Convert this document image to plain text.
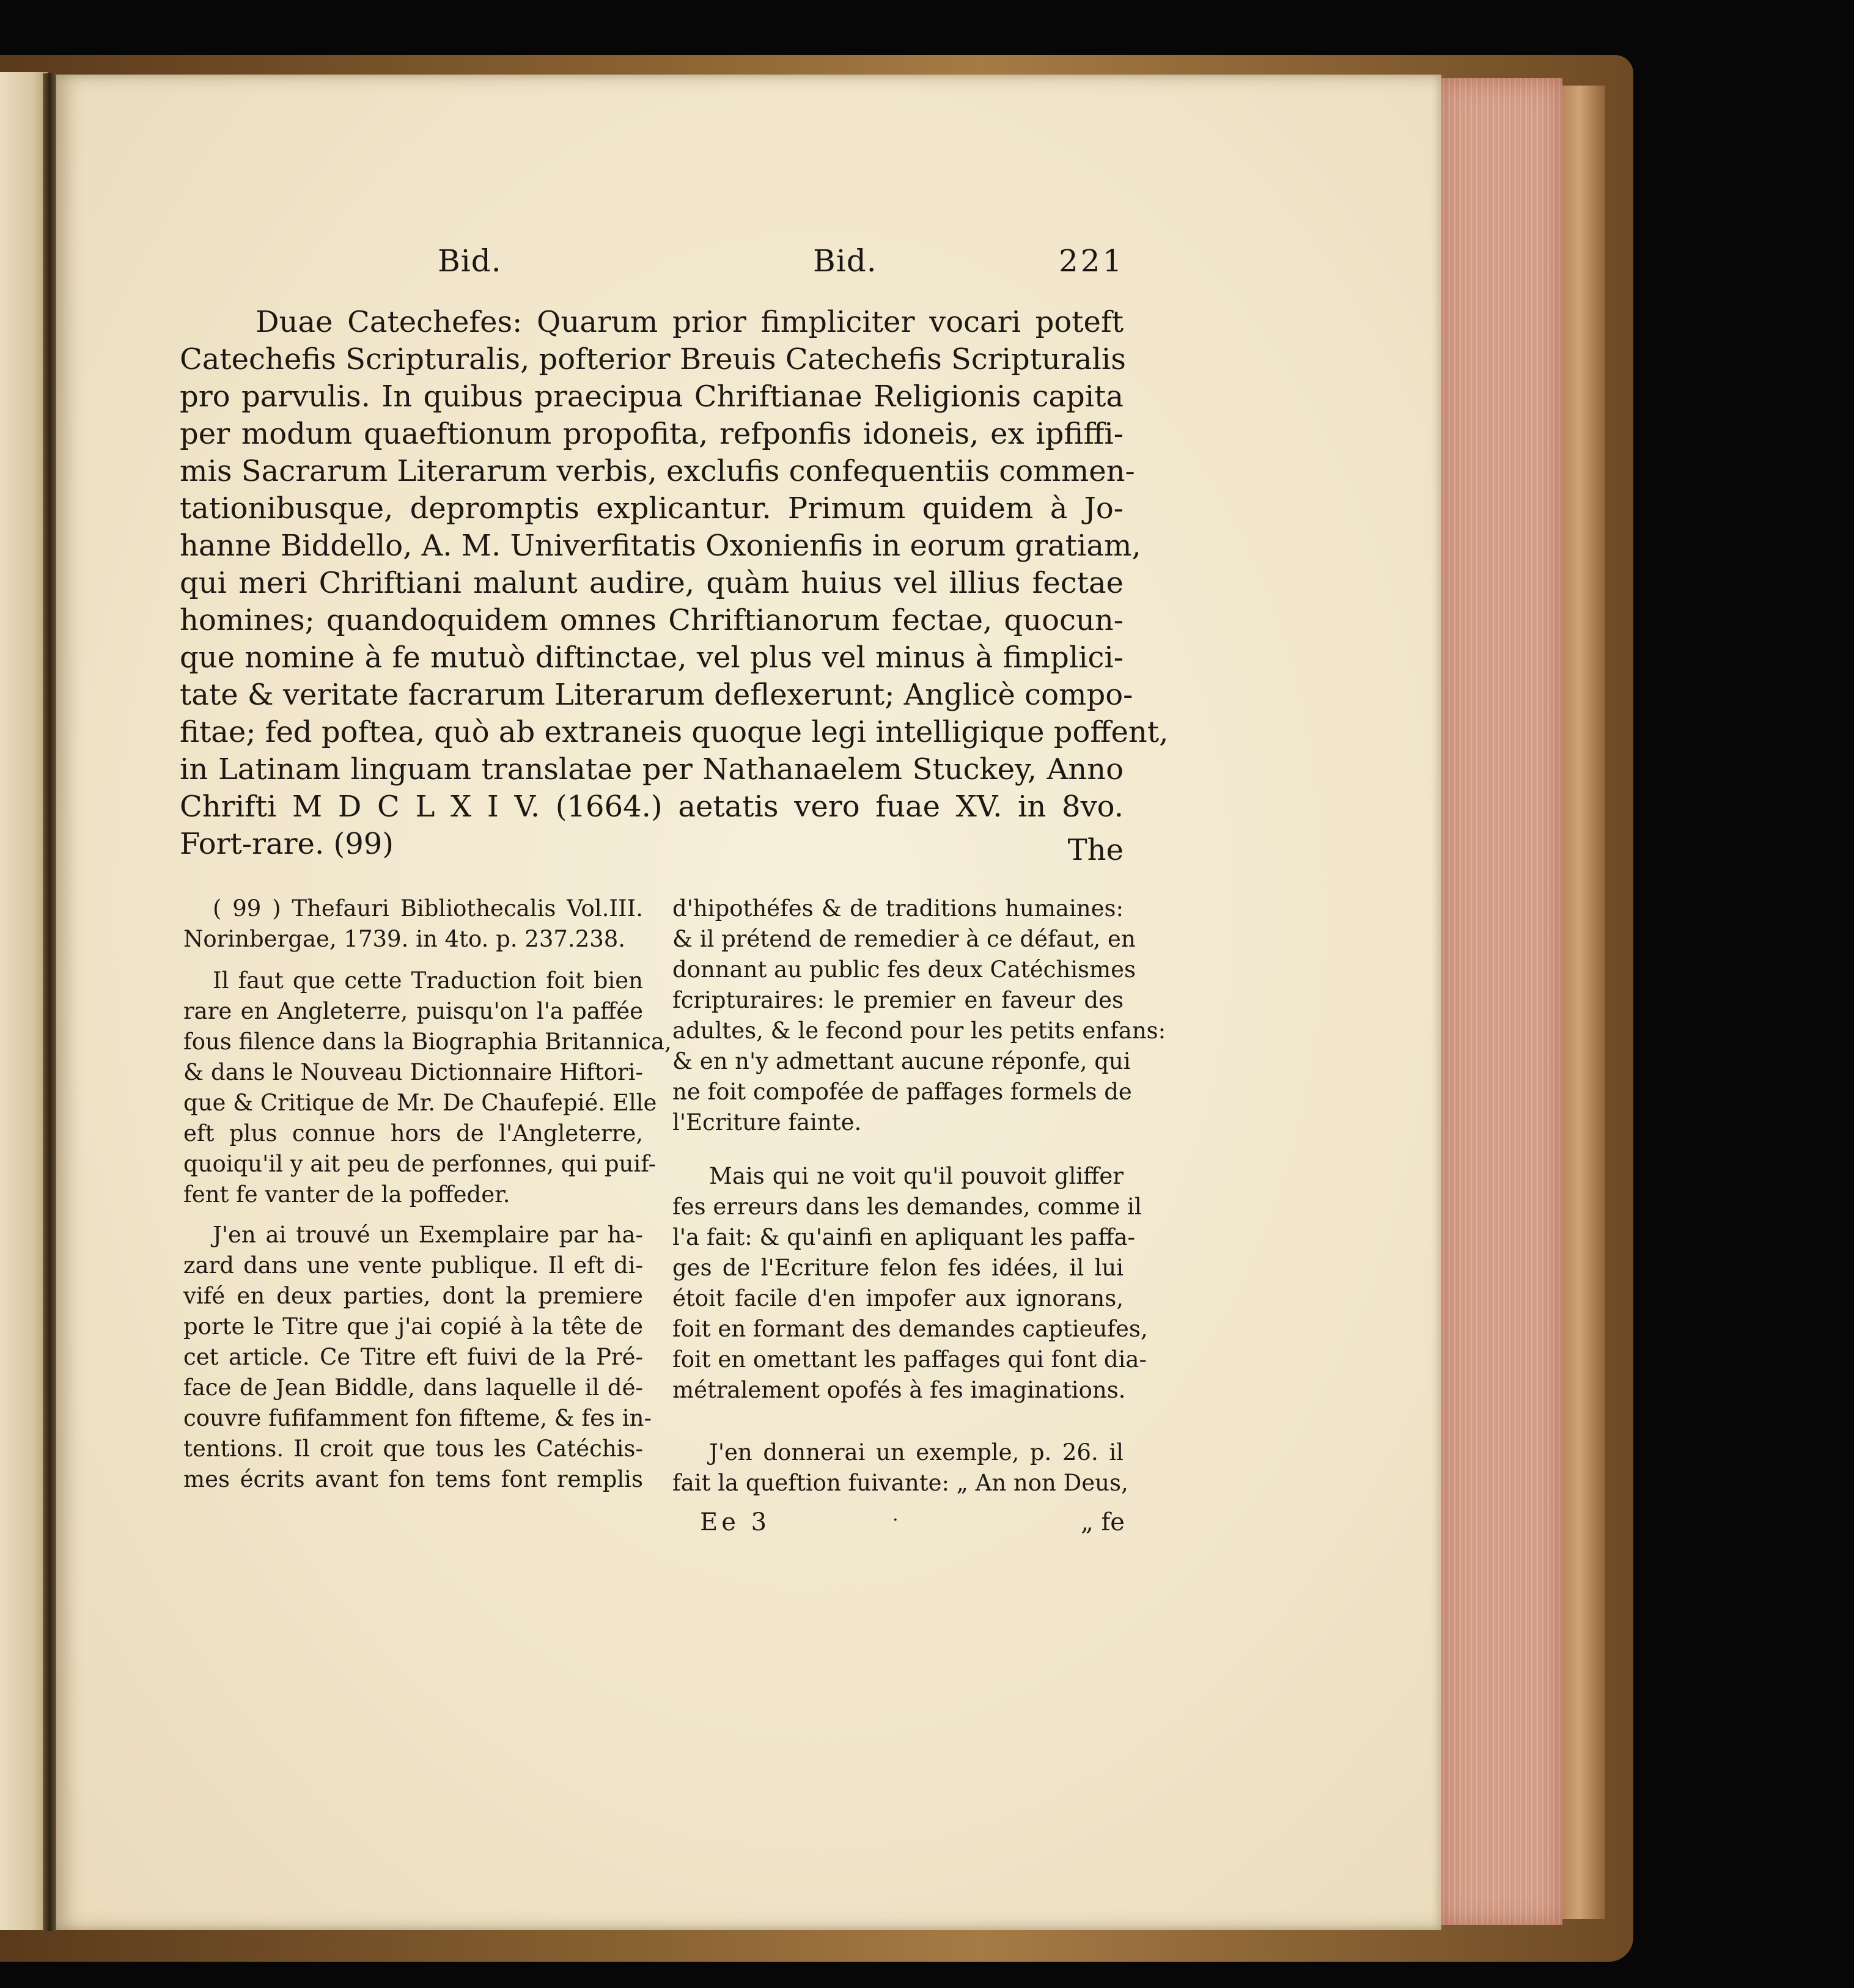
Bid.	Bid.	221
Duae Catechefes: Quarum prior fimpliciter vocari poteft
Catechefis Scripturalis, pofterior Breuis Catechefis Scripturalis
pro parvulis. In quibus praecipua Chriftianae Religionis capita
per modum quaeftionum propofita, refponfis idoneis, ex ipfiffi-
mis Sacrarum Literarum verbis, exclufis confequentiis commen-
tationibusque, depromptis explicantur. Primum quidem à Jo-
hanne Biddello, A. M. Univerfitatis Oxonienfis in eorum gratiam,
qui meri Chriftiani malunt audire, quàm huius vel illius fectae
homines; quandoquidem omnes Chriftianorum fectae, quocun-
que nomine à fe mutuò diftinctae, vel plus vel minus à fimplici-
tate & veritate facrarum Literarum deflexerunt; Anglicè compo-
fitae; fed poftea, quò ab extraneis quoque legi intelligique poffent,
in Latinam linguam translatae per Nathanaelem Stuckey, Anno
Chrifti M D C L X I V. (1664.) aetatis vero fuae XV. in 8vo.
Fort-rare. (99)	The
( 99 ) Thefauri Bibliothecalis Vol.III.
Norinbergae, 1739. in 4to. p. 237.238.
Il faut que cette Traduction foit bien
rare en Angleterre, puisqu'on l'a paffée
fous filence dans la Biographia Britannica,
& dans le Nouveau Dictionnaire Hiftori-
que & Critique de Mr. De Chaufepié. Elle
eft plus connue hors de l'Angleterre,
quoiqu'il y ait peu de perfonnes, qui puif-
fent fe vanter de la poffeder.
J'en ai trouvé un Exemplaire par ha-
zard dans une vente publique. Il eft di-
vifé en deux parties, dont la premiere
porte le Titre que j'ai copié à la tête de
cet article. Ce Titre eft fuivi de la Pré-
face de Jean Biddle, dans laquelle il dé-
couvre fufifamment fon fifteme, & fes in-
tentions. Il croit que tous les Catéchis-
mes écrits avant fon tems font remplis
d'hipothéfes & de traditions humaines:
& il prétend de remedier à ce défaut, en
donnant au public fes deux Catéchismes
fcripturaires: le premier en faveur des
adultes, & le fecond pour les petits enfans:
& en n'y admettant aucune réponfe, qui
ne foit compofée de paffages formels de
l'Ecriture fainte.
Mais qui ne voit qu'il pouvoit gliffer
fes erreurs dans les demandes, comme il
l'a fait: & qu'ainfi en apliquant les paffa-
ges de l'Ecriture felon fes idées, il lui
étoit facile d'en impofer aux ignorans,
foit en formant des demandes captieufes,
foit en omettant les paffages qui font dia-
métralement opofés à fes imaginations.
J'en donnerai un exemple, p. 26. il
fait la queftion fuivante: „ An non Deus,
Ee 3	·	„ fe
